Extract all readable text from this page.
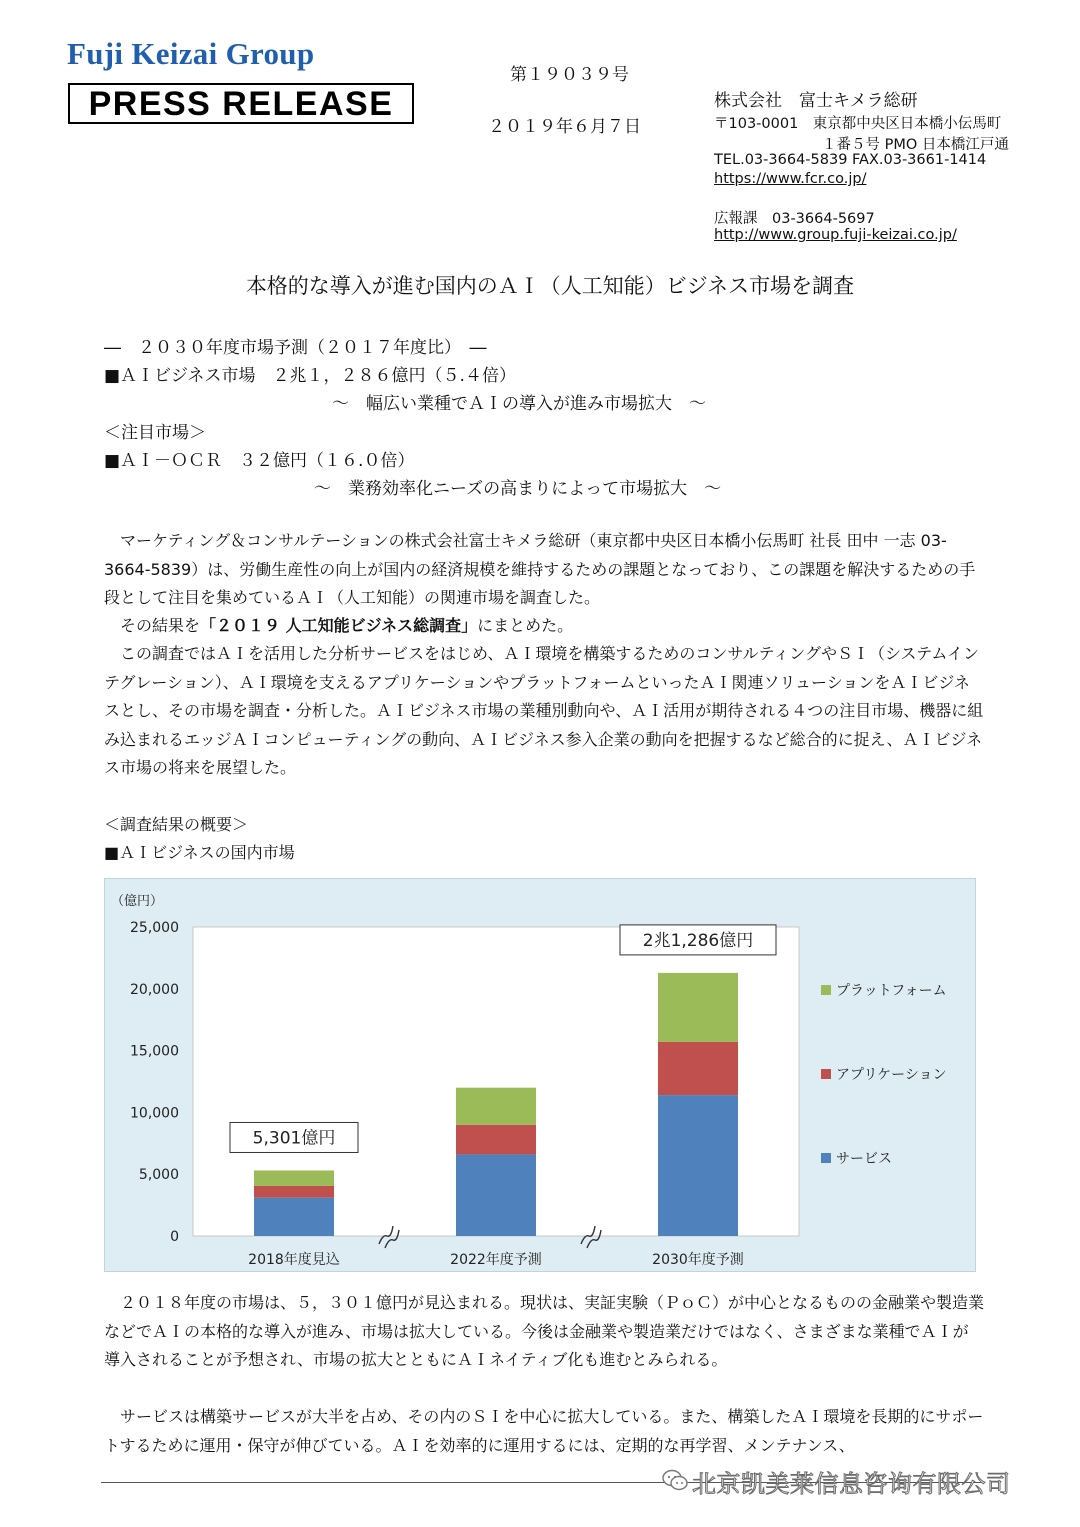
Fuji Keizai Group
PRESS RELEASE
第１９０３９号
２０１９年６月７日
株式会社　富士キメラ総研
〒103-0001　東京都中央区日本橋小伝馬町
１番５号 PMO 日本橋江戸通
TEL.03-3664-5839 FAX.03-3661-1414
https://www.fcr.co.jp/
広報課　03-3664-5697
http://www.group.fuji-keizai.co.jp/
本格的な導入が進む国内のＡＩ（人工知能）ビジネス市場を調査
―　２０３０年度市場予測（２０１７年度比）　―
■ＡＩビジネス市場　２兆１，２８６億円（５.４倍）
～　幅広い業種でＡＩの導入が進み市場拡大　～
＜注目市場＞
■ＡＩ－ＯＣＲ　３２億円（１６.０倍）
～　業務効率化ニーズの高まりによって市場拡大　～
マーケティング＆コンサルテーションの株式会社富士キメラ総研（東京都中央区日本橋小伝馬町 社長 田中 一志 03-3664-5839）は、労働生産性の向上が国内の経済規模を維持するための課題となっており、この課題を解決するための手段として注目を集めているＡＩ（人工知能）の関連市場を調査した。
その結果を「２０１９ 人工知能ビジネス総調査」にまとめた。
この調査ではＡＩを活用した分析サービスをはじめ、ＡＩ環境を構築するためのコンサルティングやＳＩ（システムインテグレーション）、ＡＩ環境を支えるアプリケーションやプラットフォームといったＡＩ関連ソリューションをＡＩビジネスとし、その市場を調査・分析した。ＡＩビジネス市場の業種別動向や、ＡＩ活用が期待される４つの注目市場、機器に組み込まれるエッジＡＩコンピューティングの動向、ＡＩビジネス参入企業の動向を把握するなど総合的に捉え、ＡＩビジネス市場の将来を展望した。
＜調査結果の概要＞
■ＡＩビジネスの国内市場
（億円）
0
5,000
10,000
15,000
20,000
25,000
2018年度見込	2022年度予測	2030年度予測
5,301億円
2兆1,286億円
プラットフォーム
アプリケーション
サービス
２０１８年度の市場は、５，３０１億円が見込まれる。現状は、実証実験（ＰｏＣ）が中心となるものの金融業や製造業などでＡＩの本格的な導入が進み、市場は拡大している。今後は金融業や製造業だけではなく、さまざまな業種でＡＩが導入されることが予想され、市場の拡大とともにＡＩネイティブ化も進むとみられる。
サービスは構築サービスが大半を占め、その内のＳＩを中心に拡大している。また、構築したＡＩ環境を長期的にサポートするために運用・保守が伸びている。ＡＩを効率的に運用するには、定期的な再学習、メンテナンス、
北京凯美莱信息咨询有限公司
